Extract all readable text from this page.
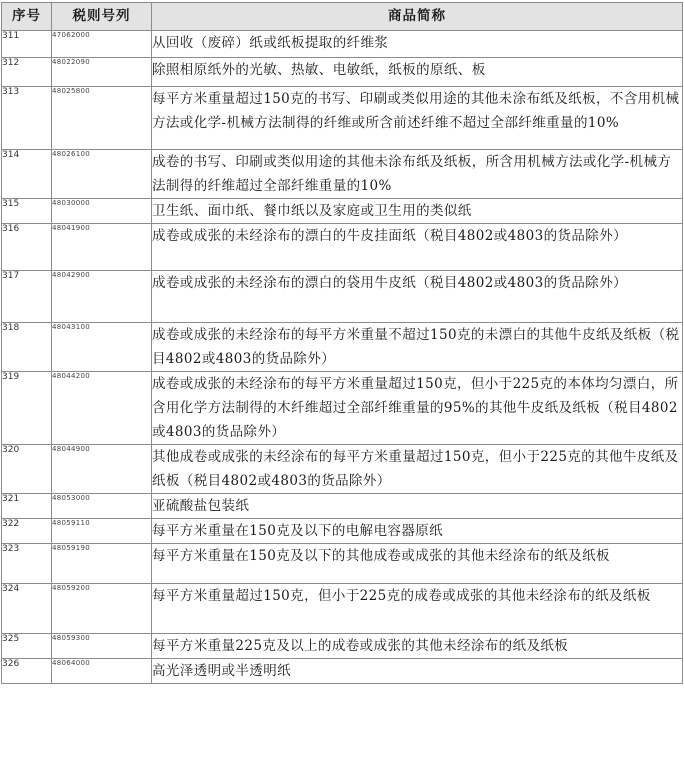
序号	税则号列	商品简称
311	47062000	从回收（废碎）纸或纸板提取的纤维浆
312	48022090	除照相原纸外的光敏、热敏、电敏纸，纸板的原纸、板
313	48025800	每平方米重量超过150克的书写、印刷或类似用途的其他未涂布纸及纸板，不含用机械方法或化学-机械方法制得的纤维或所含前述纤维不超过全部纤维重量的10%
314	48026100	成卷的书写、印刷或类似用途的其他未涂布纸及纸板，所含用机械方法或化学-机械方法制得的纤维超过全部纤维重量的10%
315	48030000	卫生纸、面巾纸、餐巾纸以及家庭或卫生用的类似纸
316	48041900	成卷或成张的未经涂布的漂白的牛皮挂面纸（税目4802或4803的货品除外）
317	48042900	成卷或成张的未经涂布的漂白的袋用牛皮纸（税目4802或4803的货品除外）
318	48043100	成卷或成张的未经涂布的每平方米重量不超过150克的未漂白的其他牛皮纸及纸板（税目4802或4803的货品除外）
319	48044200	成卷或成张的未经涂布的每平方米重量超过150克，但小于225克的本体均匀漂白，所含用化学方法制得的木纤维超过全部纤维重量的95%的其他牛皮纸及纸板（税目4802或4803的货品除外）
320	48044900	其他成卷或成张的未经涂布的每平方米重量超过150克，但小于225克的其他牛皮纸及纸板（税目4802或4803的货品除外）
321	48053000	亚硫酸盐包装纸
322	48059110	每平方米重量在150克及以下的电解电容器原纸
323	48059190	每平方米重量在150克及以下的其他成卷或成张的其他未经涂布的纸及纸板
324	48059200	每平方米重量超过150克，但小于225克的成卷或成张的其他未经涂布的纸及纸板
325	48059300	每平方米重量225克及以上的成卷或成张的其他未经涂布的纸及纸板
326	48064000	高光泽透明或半透明纸
